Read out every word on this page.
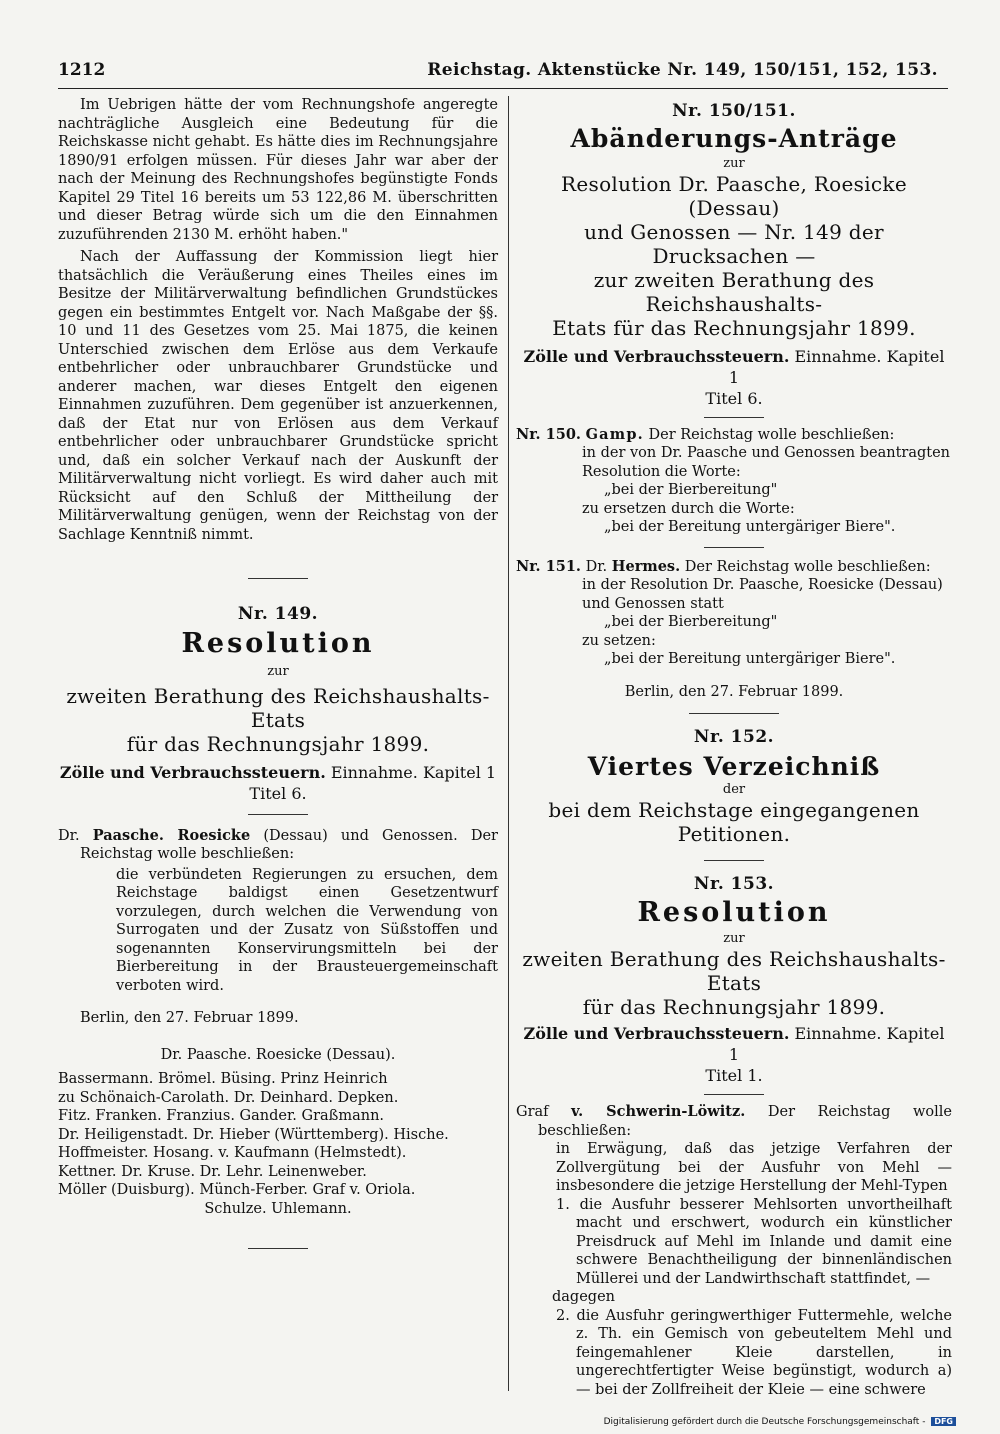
1212	Reichstag. Aktenstücke Nr. 149, 150/151, 152, 153.

Im Uebrigen hätte der vom Rechnungshofe angeregte nachträgliche Ausgleich eine Bedeutung für die Reichskasse nicht gehabt. Es hätte dies im Rechnungsjahre 1890/91 erfolgen müssen. Für dieses Jahr war aber der nach der Meinung des Rechnungshofes begünstigte Fonds Kapitel 29 Titel 16 bereits um 53 122,86 M. überschritten und dieser Betrag würde sich um die den Einnahmen zuzuführenden 2130 M. erhöht haben."

Nach der Auffassung der Kommission liegt hier thatsächlich die Veräußerung eines Theiles eines im Besitze der Militärverwaltung befindlichen Grundstückes gegen ein bestimmtes Entgelt vor. Nach Maßgabe der §§. 10 und 11 des Gesetzes vom 25. Mai 1875, die keinen Unterschied zwischen dem Erlöse aus dem Verkaufe entbehrlicher oder unbrauchbarer Grundstücke und anderer machen, war dieses Entgelt den eigenen Einnahmen zuzuführen. Dem gegenüber ist anzuerkennen, daß der Etat nur von Erlösen aus dem Verkauf entbehrlicher oder unbrauchbarer Grundstücke spricht und, daß ein solcher Verkauf nach der Auskunft der Militärverwaltung nicht vorliegt. Es wird daher auch mit Rücksicht auf den Schluß der Mittheilung der Militärverwaltung genügen, wenn der Reichstag von der Sachlage Kenntniß nimmt.

Nr. 149.

Resolution

zur

zweiten Berathung des Reichshaushalts-Etats

für das Rechnungsjahr 1899.

Zölle und Verbrauchssteuern. Einnahme. Kapitel 1

Titel 6.

Dr. Paasche. Roesicke (Dessau) und Genossen. Der Reichstag wolle beschließen:

die verbündeten Regierungen zu ersuchen, dem Reichstage baldigst einen Gesetzentwurf vorzulegen, durch welchen die Verwendung von Surrogaten und der Zusatz von Süßstoffen und sogenannten Konservirungsmitteln bei der Bierbereitung in der Brausteuergemeinschaft verboten wird.

Berlin, den 27. Februar 1899.

Dr. Paasche. Roesicke (Dessau).

Bassermann. Brömel. Büsing. Prinz Heinrich

zu Schönaich-Carolath. Dr. Deinhard. Depken.

Fitz. Franken. Franzius. Gander. Graßmann.

Dr. Heiligenstadt. Dr. Hieber (Württemberg). Hische.

Hoffmeister. Hosang. v. Kaufmann (Helmstedt).

Kettner. Dr. Kruse. Dr. Lehr. Leinenweber.

Möller (Duisburg). Münch-Ferber. Graf v. Oriola.

Schulze. Uhlemann.

Nr. 150/151.

Abänderungs-Anträge

zur

Resolution Dr. Paasche, Roesicke (Dessau)

und Genossen — Nr. 149 der Drucksachen —

zur zweiten Berathung des Reichshaushalts-

Etats für das Rechnungsjahr 1899.

Zölle und Verbrauchssteuern. Einnahme. Kapitel 1

Titel 6.

Nr. 150. Gamp. Der Reichstag wolle beschließen:

in der von Dr. Paasche und Genossen beantragten

Resolution die Worte:

„bei der Bierbereitung"

zu ersetzen durch die Worte:

„bei der Bereitung untergäriger Biere".

Nr. 151. Dr. Hermes. Der Reichstag wolle beschließen:

in der Resolution Dr. Paasche, Roesicke (Dessau)

und Genossen statt

„bei der Bierbereitung"

zu setzen:

„bei der Bereitung untergäriger Biere".

Berlin, den 27. Februar 1899.

Nr. 152.

Viertes Verzeichniß

der

bei dem Reichstage eingegangenen Petitionen.

Nr. 153.

Resolution

zur

zweiten Berathung des Reichshaushalts-Etats

für das Rechnungsjahr 1899.

Zölle und Verbrauchssteuern. Einnahme. Kapitel 1

Titel 1.

Graf v. Schwerin-Löwitz. Der Reichstag wolle beschließen:

in Erwägung, daß das jetzige Verfahren der Zollvergütung bei der Ausfuhr von Mehl — insbesondere die jetzige Herstellung der Mehl-Typen

1. die Ausfuhr besserer Mehlsorten unvortheilhaft macht und erschwert, wodurch ein künstlicher Preisdruck auf Mehl im Inlande und damit eine schwere Benachtheiligung der binnenländischen Müllerei und der Landwirthschaft stattfindet, —

dagegen

2. die Ausfuhr geringwerthiger Futtermehle, welche z. Th. ein Gemisch von gebeuteltem Mehl und feingemahlener Kleie darstellen, in ungerechtfertigter Weise begünstigt, wodurch a) — bei der Zollfreiheit der Kleie — eine schwere

Digitalisierung gefördert durch die Deutsche Forschungsgemeinschaft - DFG
